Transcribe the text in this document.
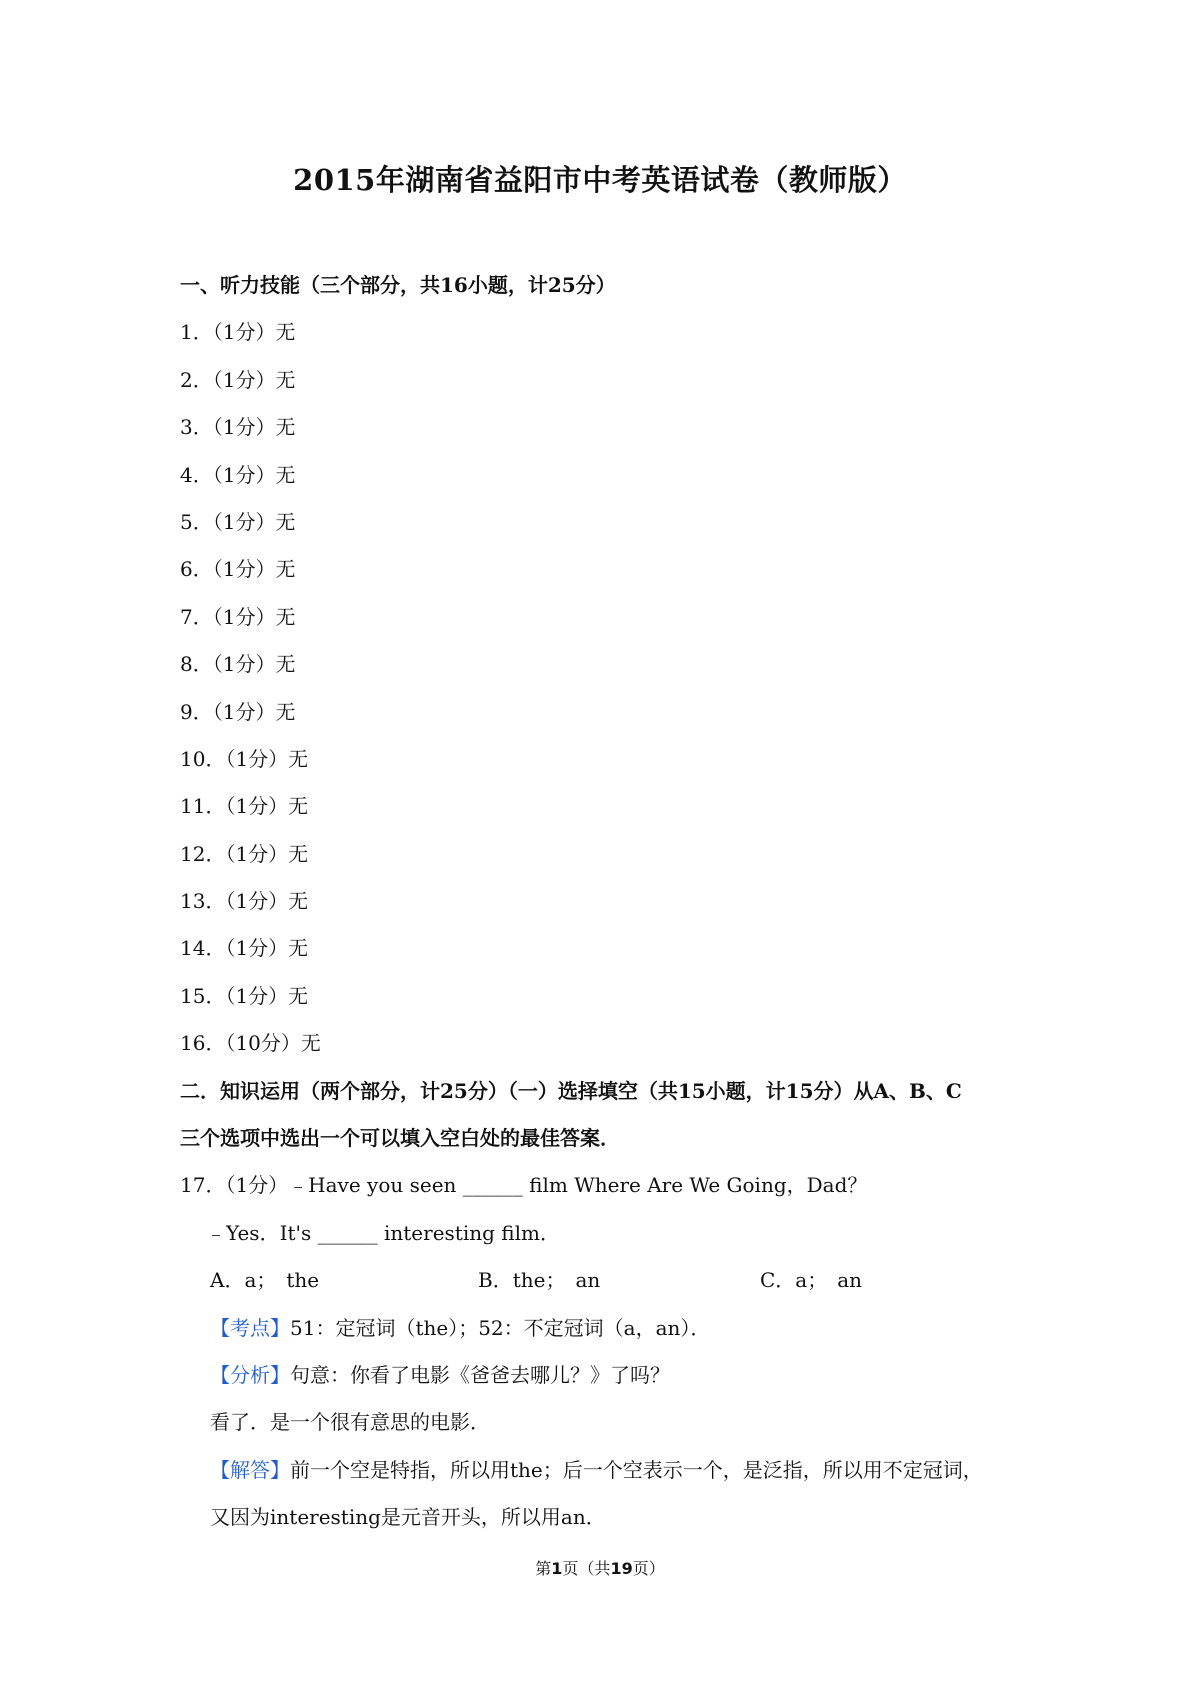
2015年湖南省益阳市中考英语试卷（教师版）
一、听力技能（三个部分，共16小题，计25分）
1．（1分）无
2．（1分）无
3．（1分）无
4．（1分）无
5．（1分）无
6．（1分）无
7．（1分）无
8．（1分）无
9．（1分）无
10．（1分）无
11．（1分）无
12．（1分）无
13．（1分）无
14．（1分）无
15．（1分）无
16．（10分）无
二．知识运用（两个部分，计25分）（一）选择填空（共15小题，计15分）从A、B、C
三个选项中选出一个可以填入空白处的最佳答案．
17．（1分）﹣Have you seen ______ film Where Are We Going，Dad？
﹣Yes．It's ______ interesting film．
A．a；　the	B．the；　an	C．a；　an
【考点】51：定冠词（the）；52：不定冠词（a，an）．
【分析】句意：你看了电影《爸爸去哪儿？》了吗？
看了．是一个很有意思的电影．
【解答】前一个空是特指，所以用the；后一个空表示一个，是泛指，所以用不定冠词，
又因为interesting是元音开头，所以用an．
第1页（共19页）
